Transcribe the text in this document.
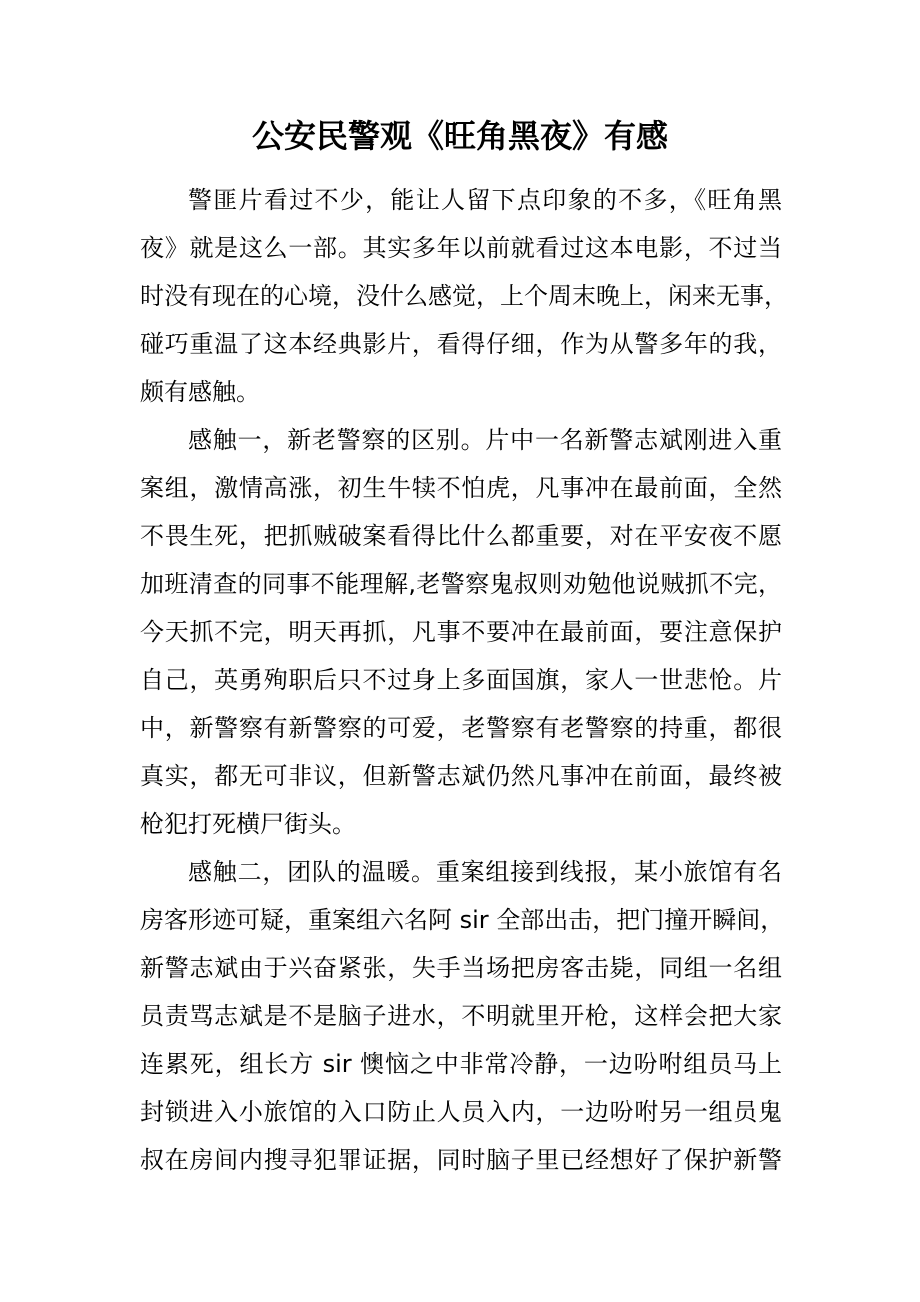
公安民警观《旺角黑夜》有感
警匪片看过不少，能让人留下点印象的不多，《旺角黑
夜》就是这么一部。其实多年以前就看过这本电影，不过当
时没有现在的心境，没什么感觉，上个周末晚上，闲来无事，
碰巧重温了这本经典影片，看得仔细，作为从警多年的我，
颇有感触。
感触一，新老警察的区别。片中一名新警志斌刚进入重
案组，激情高涨，初生牛犊不怕虎，凡事冲在最前面，全然
不畏生死，把抓贼破案看得比什么都重要，对在平安夜不愿
加班清查的同事不能理解,老警察鬼叔则劝勉他说贼抓不完，
今天抓不完，明天再抓，凡事不要冲在最前面，要注意保护
自己，英勇殉职后只不过身上多面国旗，家人一世悲怆。片
中，新警察有新警察的可爱，老警察有老警察的持重，都很
真实，都无可非议，但新警志斌仍然凡事冲在前面，最终被
枪犯打死横尸街头。
感触二，团队的温暖。重案组接到线报，某小旅馆有名
房客形迹可疑，重案组六名阿 sir 全部出击，把门撞开瞬间，
新警志斌由于兴奋紧张，失手当场把房客击毙，同组一名组
员责骂志斌是不是脑子进水，不明就里开枪，这样会把大家
连累死，组长方 sir 懊恼之中非常冷静，一边吩咐组员马上
封锁进入小旅馆的入口防止人员入内，一边吩咐另一组员鬼
叔在房间内搜寻犯罪证据，同时脑子里已经想好了保护新警
